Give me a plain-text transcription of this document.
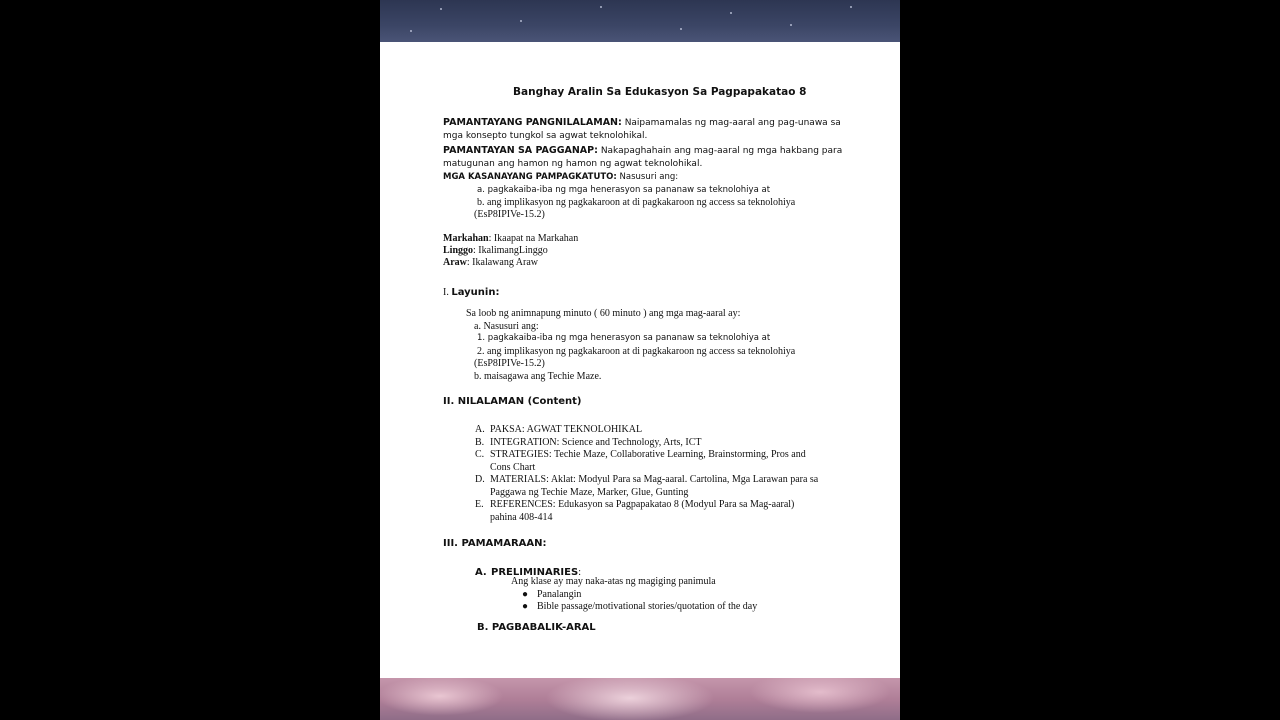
Banghay Aralin Sa Edukasyon Sa Pagpapakatao 8
PAMANTAYANG PANGNILALAMAN: Naipamamalas ng mag-aaral ang pag-unawa sa
mga konsepto tungkol sa agwat teknolohikal.
PAMANTAYAN SA PAGGANAP: Nakapaghahain ang mag-aaral ng mga hakbang para
matugunan ang hamon ng hamon ng agwat teknolohikal.
MGA KASANAYANG PAMPAGKATUTO: Nasusuri ang:
a. pagkakaiba-iba ng mga henerasyon sa pananaw sa teknolohiya at
b. ang implikasyon ng pagkakaroon at di pagkakaroon ng access sa teknolohiya
(EsP8IPIVe-15.2)
Markahan: Ikaapat na Markahan
Linggo: IkalimangLinggo
Araw: Ikalawang Araw
I. Layunin:
Sa loob ng animnapung minuto ( 60 minuto ) ang mga mag-aaral ay:
a. Nasusuri ang:
1. pagkakaiba-iba ng mga henerasyon sa pananaw sa teknolohiya at
2. ang implikasyon ng pagkakaroon at di pagkakaroon ng access sa teknolohiya
(EsP8IPIVe-15.2)
b. maisagawa ang Techie Maze.
II. NILALAMAN (Content)
A. PAKSA: AGWAT TEKNOLOHIKAL
B. INTEGRATION: Science and Technology, Arts, ICT
C. STRATEGIES: Techie Maze, Collaborative Learning, Brainstorming, Pros and
Cons Chart
D. MATERIALS: Aklat: Modyul Para sa Mag-aaral. Cartolina, Mga Larawan para sa
Paggawa ng Techie Maze, Marker, Glue, Gunting
E. REFERENCES: Edukasyon sa Pagpapakatao 8 (Modyul Para sa Mag-aaral)
pahina 408-414
III. PAMAMARAAN:
A. PRELIMINARIES:
Ang klase ay may naka-atas ng magiging panimula
● Panalangin
● Bible passage/motivational stories/quotation of the day
B. PAGBABALIK-ARAL
